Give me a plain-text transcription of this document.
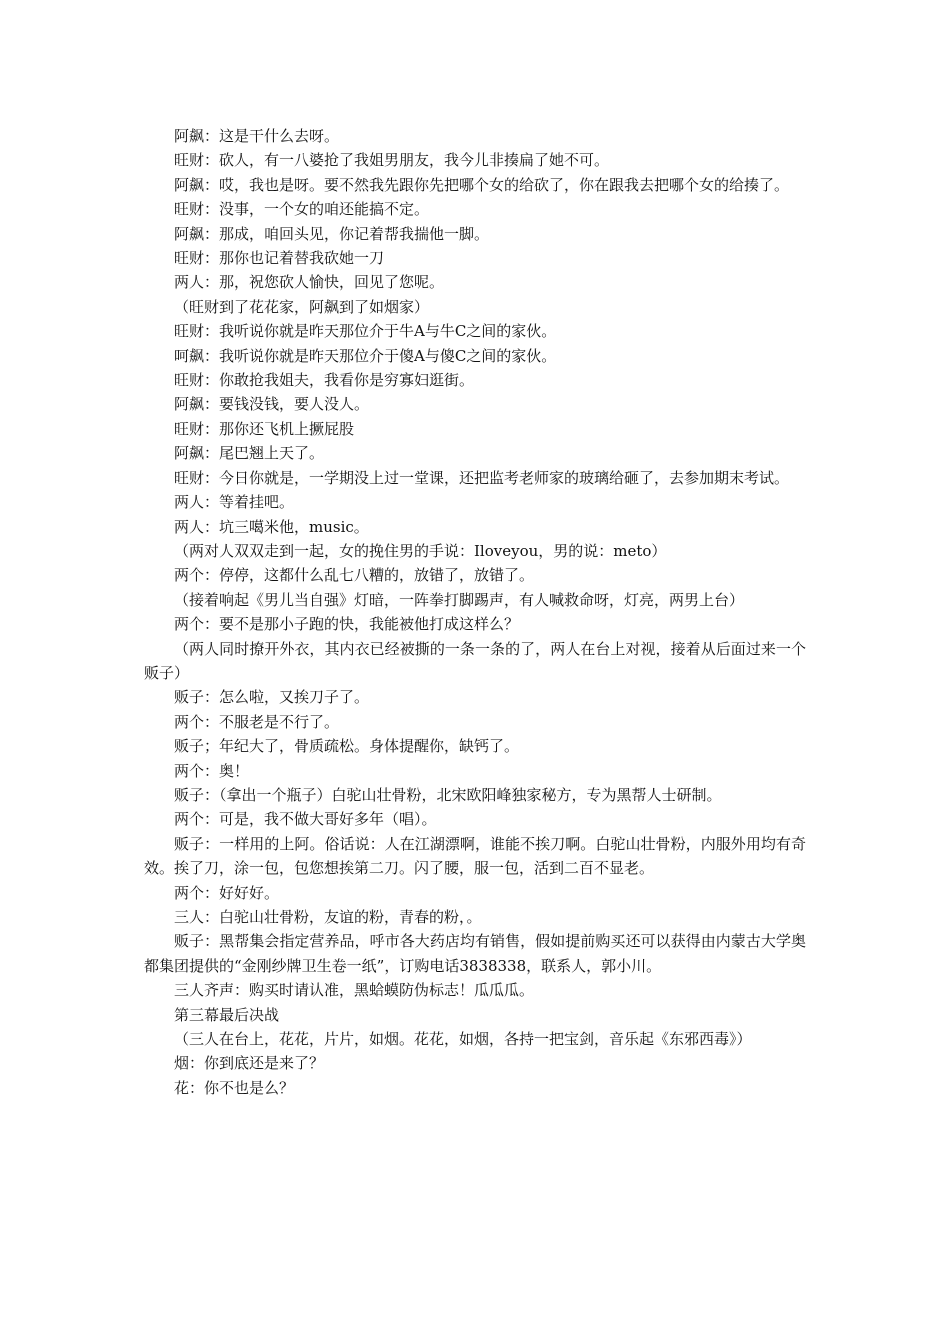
阿飙：这是干什么去呀。

旺财：砍人，有一八婆抢了我姐男朋友，我今儿非揍扁了她不可。

阿飙：哎，我也是呀。要不然我先跟你先把哪个女的给砍了，你在跟我去把哪个女的给揍了。

旺财：没事，一个女的咱还能搞不定。

阿飙：那成，咱回头见，你记着帮我揣他一脚。

旺财：那你也记着替我砍她一刀

两人：那，祝您砍人愉快，回见了您呢。

（旺财到了花花家，阿飙到了如烟家）

旺财：我听说你就是昨天那位介于牛A与牛C之间的家伙。

呵飙：我听说你就是昨天那位介于傻A与傻C之间的家伙。

旺财：你敢抢我姐夫，我看你是穷寡妇逛街。

阿飙：要钱没钱，要人没人。

旺财：那你还飞机上撅屁股

阿飙：尾巴翘上天了。

旺财：今日你就是，一学期没上过一堂课，还把监考老师家的玻璃给砸了，去参加期末考试。

两人：等着挂吧。

两人：坑三噶米他，music。

（两对人双双走到一起，女的挽住男的手说：Iloveyou，男的说：meto）

两个：停停，这都什么乱七八糟的，放错了，放错了。

（接着响起《男儿当自强》灯暗，一阵拳打脚踢声，有人喊救命呀，灯亮，两男上台）

两个：要不是那小子跑的快，我能被他打成这样么？

（两人同时撩开外衣，其内衣已经被撕的一条一条的了，两人在台上对视，接着从后面过来一个贩子）

贩子：怎么啦，又挨刀子了。

两个：不服老是不行了。

贩子；年纪大了，骨质疏松。身体提醒你，缺钙了。

两个：奥！

贩子：（拿出一个瓶子）白驼山壮骨粉，北宋欧阳峰独家秘方，专为黑帮人士研制。

两个：可是，我不做大哥好多年（唱）。

贩子：一样用的上阿。俗话说：人在江湖漂啊，谁能不挨刀啊。白驼山壮骨粉，内服外用均有奇效。挨了刀，涂一包，包您想挨第二刀。闪了腰，服一包，活到二百不显老。

两个：好好好。

三人：白驼山壮骨粉，友谊的粉，青春的粉，。

贩子：黑帮集会指定营养品，呼市各大药店均有销售，假如提前购买还可以获得由内蒙古大学奥都集团提供的“金刚纱牌卫生卷一纸”，订购电话3838338，联系人，郭小川。

三人齐声：购买时请认准，黑蛤蟆防伪标志！瓜瓜瓜。

第三幕最后决战

（三人在台上，花花，片片，如烟。花花，如烟，各持一把宝剑，音乐起《东邪西毒》）

烟：你到底还是来了？

花：你不也是么？
